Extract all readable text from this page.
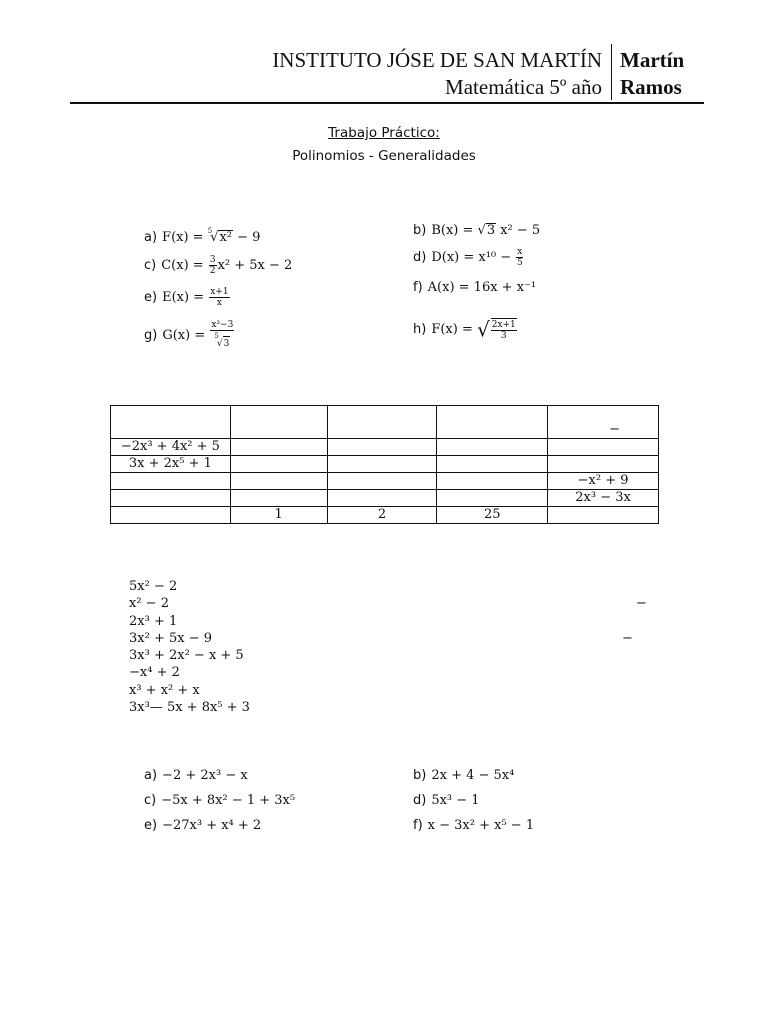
INSTITUTO JÓSE DE SAN MARTÍN
Matemática 5º año
Martín
Ramos
Trabajo Práctico:
Polinomios - Generalidades
a) F(x) = $^5$√x² − 9	b) B(x) = √3 x² − 5
d) $D(x) = x^{10} - \frac{x}{5}$
c) $C(x) = \frac{3}{2} x^2 + 5x - 2$
f) A(x) = 16x + x⁻¹
e) $E(x) = \frac{x+1}{x}$
g) $G(x) = \frac{\text{x³−3}}{^5√3}$	h) F(x) = √ $\frac{2x+1}{3}$
				−
−2x³ + 4x² + 5				
3x + 2x⁵ + 1				
				−x² + 9
				2x³ − 3x
	1	2	25	
5x² − 2
x² − 2
2x³ + 1
3x² + 5x − 9
3x³ + 2x² − x + 5
−x⁴ + 2
x³ + x² + x
3x³— 5x + 8x⁵ + 3
−
−
a) −2 + 2x³ − x	b) 2x + 4 − 5x⁴
c) −5x + 8x² − 1 + 3x⁵	d) 5x³ − 1
e) −27x³ + x⁴ + 2	f) x − 3x² + x⁵ − 1
